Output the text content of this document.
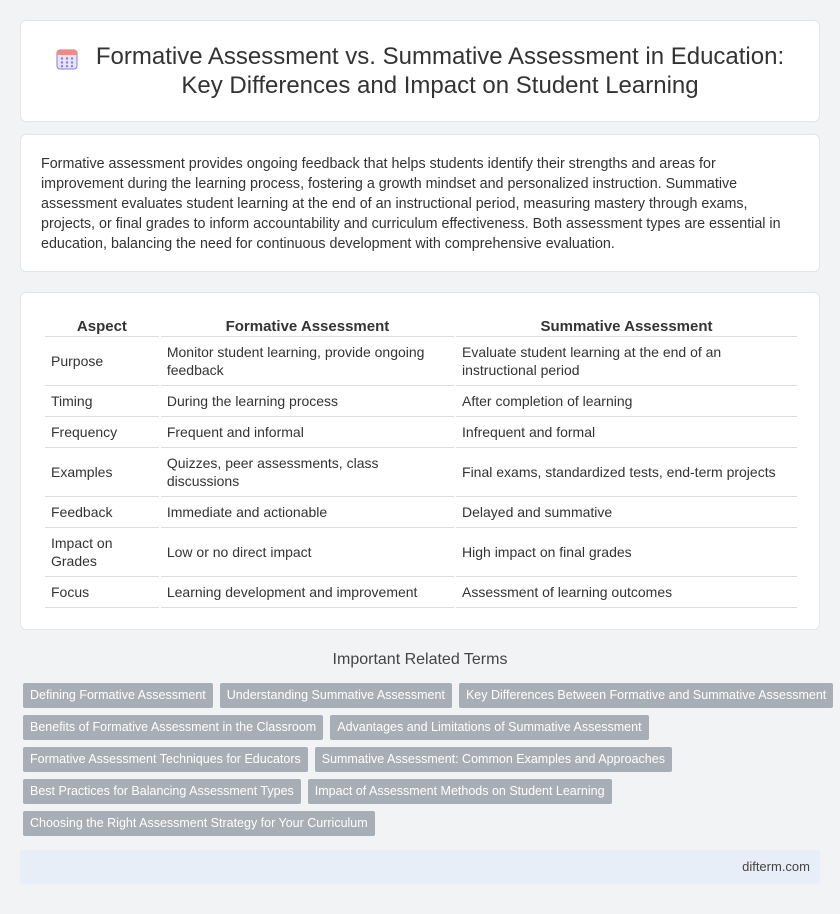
Formative Assessment vs. Summative Assessment in Education:
Key Differences and Impact on Student Learning

Formative assessment provides ongoing feedback that helps students identify their strengths and areas for improvement during the learning process, fostering a growth mindset and personalized instruction. Summative assessment evaluates student learning at the end of an instructional period, measuring mastery through exams, projects, or final grades to inform accountability and curriculum effectiveness. Both assessment types are essential in education, balancing the need for continuous development with comprehensive evaluation.

Aspect	Formative Assessment	Summative Assessment
Purpose	Monitor student learning, provide ongoing feedback	Evaluate student learning at the end of an instructional period
Timing	During the learning process	After completion of learning
Frequency	Frequent and informal	Infrequent and formal
Examples	Quizzes, peer assessments, class discussions	Final exams, standardized tests, end-term projects
Feedback	Immediate and actionable	Delayed and summative
Impact on Grades	Low or no direct impact	High impact on final grades
Focus	Learning development and improvement	Assessment of learning outcomes
Important Related Terms
Defining Formative Assessment	Understanding Summative Assessment	Key Differences Between Formative and Summative Assessment
Benefits of Formative Assessment in the Classroom	Advantages and Limitations of Summative Assessment
Formative Assessment Techniques for Educators	Summative Assessment: Common Examples and Approaches
Best Practices for Balancing Assessment Types	Impact of Assessment Methods on Student Learning
Choosing the Right Assessment Strategy for Your Curriculum
difterm.com
